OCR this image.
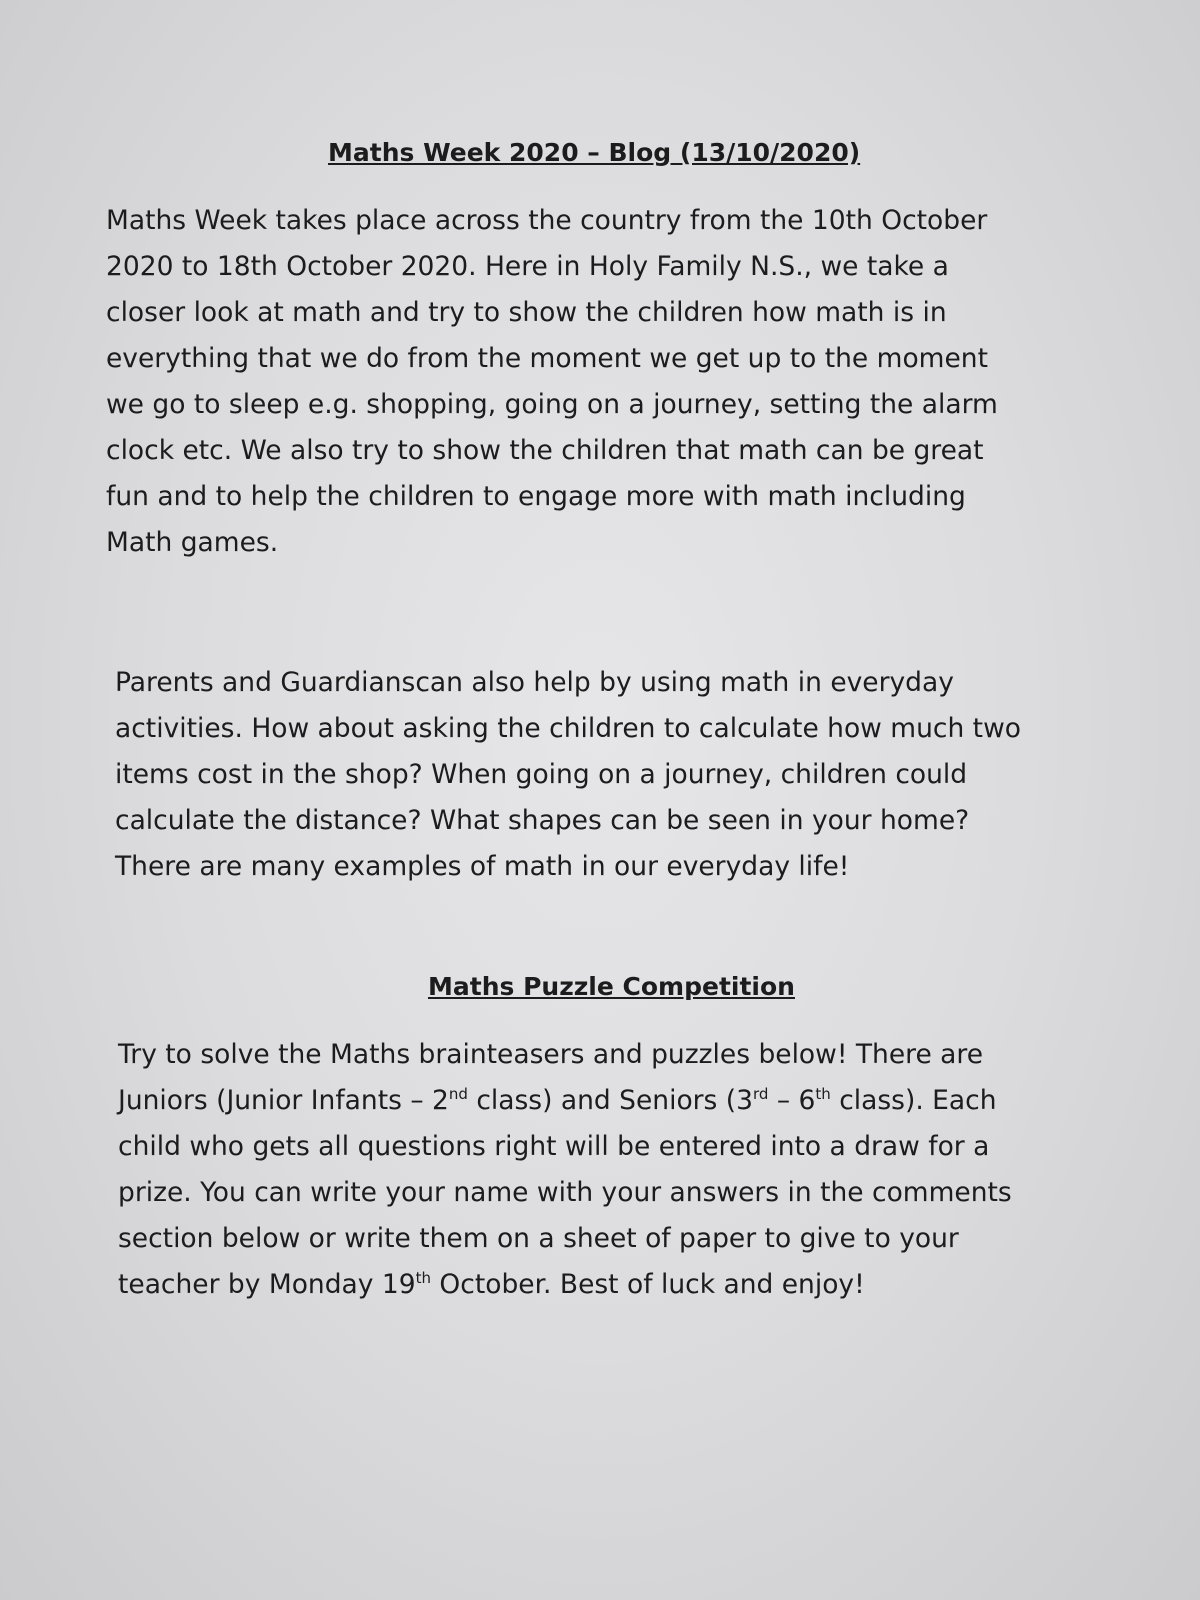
Maths Week 2020 – Blog (13/10/2020)
Maths Week takes place across the country from the 10th October
2020 to 18th October 2020. Here in Holy Family N.S., we take a
closer look at math and try to show the children how math is in
everything that we do from the moment we get up to the moment
we go to sleep e.g. shopping, going on a journey, setting the alarm
clock etc. We also try to show the children that math can be great
fun and to help the children to engage more with math including
Math games.
Parents and Guardianscan also help by using math in everyday
activities. How about asking the children to calculate how much two
items cost in the shop? When going on a journey, children could
calculate the distance? What shapes can be seen in your home?
There are many examples of math in our everyday life!
Maths Puzzle Competition
Try to solve the Maths brainteasers and puzzles below! There are
Juniors (Junior Infants – 2nd class) and Seniors (3rd – 6th class). Each
child who gets all questions right will be entered into a draw for a
prize. You can write your name with your answers in the comments
section below or write them on a sheet of paper to give to your
teacher by Monday 19th October. Best of luck and enjoy!
